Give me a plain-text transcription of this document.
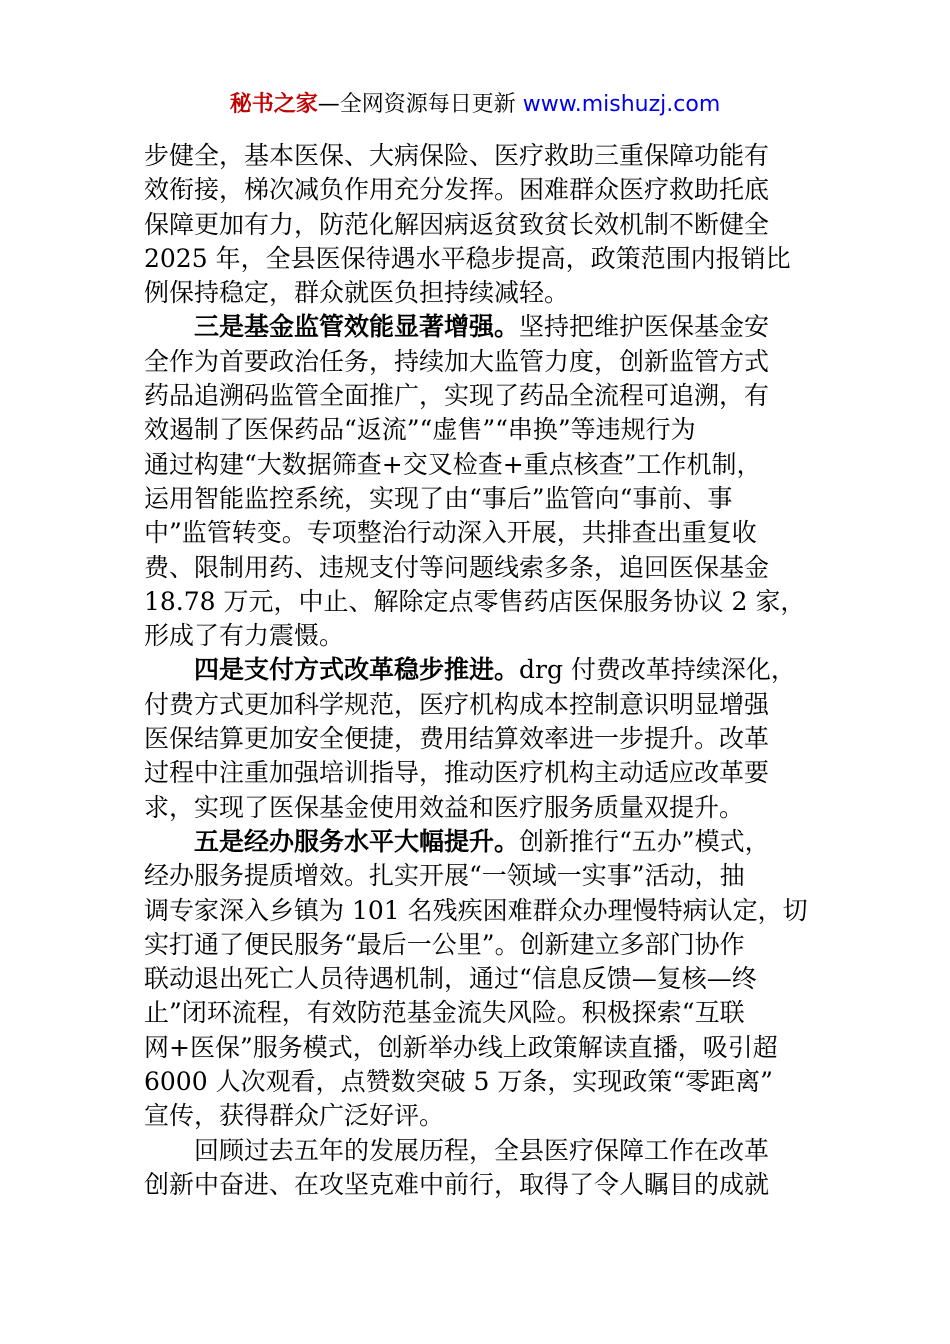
秘书之家—全网资源每日更新 www.mishuzj.com
步健全，基本医保、大病保险、医疗救助三重保障功能有
效衔接，梯次减负作用充分发挥。困难群众医疗救助托底
保障更加有力，防范化解因病返贫致贫长效机制不断健全
2025 年，全县医保待遇水平稳步提高，政策范围内报销比
例保持稳定，群众就医负担持续减轻。
三是基金监管效能显著增强。坚持把维护医保基金安
全作为首要政治任务，持续加大监管力度，创新监管方式
药品追溯码监管全面推广，实现了药品全流程可追溯，有
效遏制了医保药品“返流”“虚售”“串换”等违规行为
通过构建“大数据筛查+交叉检查+重点核查”工作机制，
运用智能监控系统，实现了由“事后”监管向“事前、事
中”监管转变。专项整治行动深入开展，共排查出重复收
费、限制用药、违规支付等问题线索多条，追回医保基金
18.78 万元，中止、解除定点零售药店医保服务协议 2 家，
形成了有力震慑。
四是支付方式改革稳步推进。drg 付费改革持续深化，
付费方式更加科学规范，医疗机构成本控制意识明显增强
医保结算更加安全便捷，费用结算效率进一步提升。改革
过程中注重加强培训指导，推动医疗机构主动适应改革要
求，实现了医保基金使用效益和医疗服务质量双提升。
五是经办服务水平大幅提升。创新推行“五办”模式，
经办服务提质增效。扎实开展“一领域一实事”活动，抽
调专家深入乡镇为 101 名残疾困难群众办理慢特病认定，切
实打通了便民服务“最后一公里”。创新建立多部门协作
联动退出死亡人员待遇机制，通过“信息反馈—复核—终
止”闭环流程，有效防范基金流失风险。积极探索“互联
网+医保”服务模式，创新举办线上政策解读直播，吸引超
6000 人次观看，点赞数突破 5 万条，实现政策“零距离”
宣传，获得群众广泛好评。
回顾过去五年的发展历程，全县医疗保障工作在改革
创新中奋进、在攻坚克难中前行，取得了令人瞩目的成就
